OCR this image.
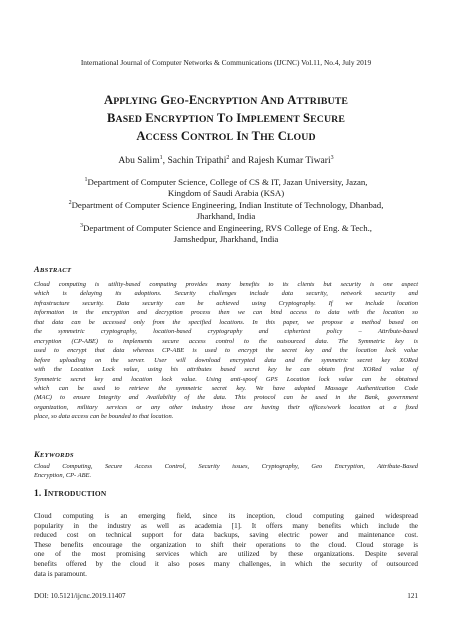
International Journal of Computer Networks & Communications (IJCNC) Vol.11, No.4, July 2019
APPLYING GEO-ENCRYPTION AND ATTRIBUTE
BASED ENCRYPTION TO IMPLEMENT SECURE
ACCESS CONTROL IN THE CLOUD
Abu Salim$^1$, Sachin Tripathi$^2$ and Rajesh Kumar Tiwari$^3$
$^1$Department of Computer Science, College of CS & IT, Jazan University, Jazan,
Kingdom of Saudi Arabia (KSA)
$^2$Department of Computer Science Engineering, Indian Institute of Technology, Dhanbad,
Jharkhand, India
$^3$Department of Computer Science and Engineering, RVS College of Eng. & Tech.,
Jamshedpur, Jharkhand, India
ABSTRACT
Cloud computing is utility-based computing provides many benefits to its clients but security is one aspect
which is delaying its adoptions. Security challenges include data security, network security and
infrastructure security. Data security can be achieved using Cryptography. If we include location
information in the encryption and decryption process then we can bind access to data with the location so
that data can be accessed only from the specified locations. In this paper, we propose a method based on
the symmetric cryptography, location-based cryptography and ciphertext policy – Attribute-based
encryption (CP-ABE) to implements secure access control to the outsourced data. The Symmetric key is
used to encrypt that data whereas CP-ABE is used to encrypt the secret key and the location lock value
before uploading on the server. User will download encrypted data and the symmetric secret key XORed
with the Location Lock value, using his attributes based secret key he can obtain first XORed value of
Symmetric secret key and location lock value. Using anti-spoof GPS Location lock value can be obtained
which can be used to retrieve the symmetric secret key. We have adopted Massage Authentication Code
(MAC) to ensure Integrity and Availability of the data. This protocol can be used in the Bank, government
organization, military services or any other industry those are having their offices/work location at a fixed
place, so data access can be bounded to that location.
KEYWORDS
Cloud Computing, Secure Access Control, Security issues, Cryptography, Geo Encryption, Attribute-Based
Encryption, CP- ABE.
1. INTRODUCTION
Cloud computing is an emerging field, since its inception, cloud computing gained widespread
popularity in the industry as well as academia [1]. It offers many benefits which include the
reduced cost on technical support for data backups, saving electric power and maintenance cost.
These benefits encourage the organization to shift their operations to the cloud. Cloud storage is
one of the most promising services which are utilized by these organizations. Despite several
benefits offered by the cloud it also poses many challenges, in which the security of outsourced
data is paramount.
DOI: 10.5121/ijcnc.2019.11407	121
